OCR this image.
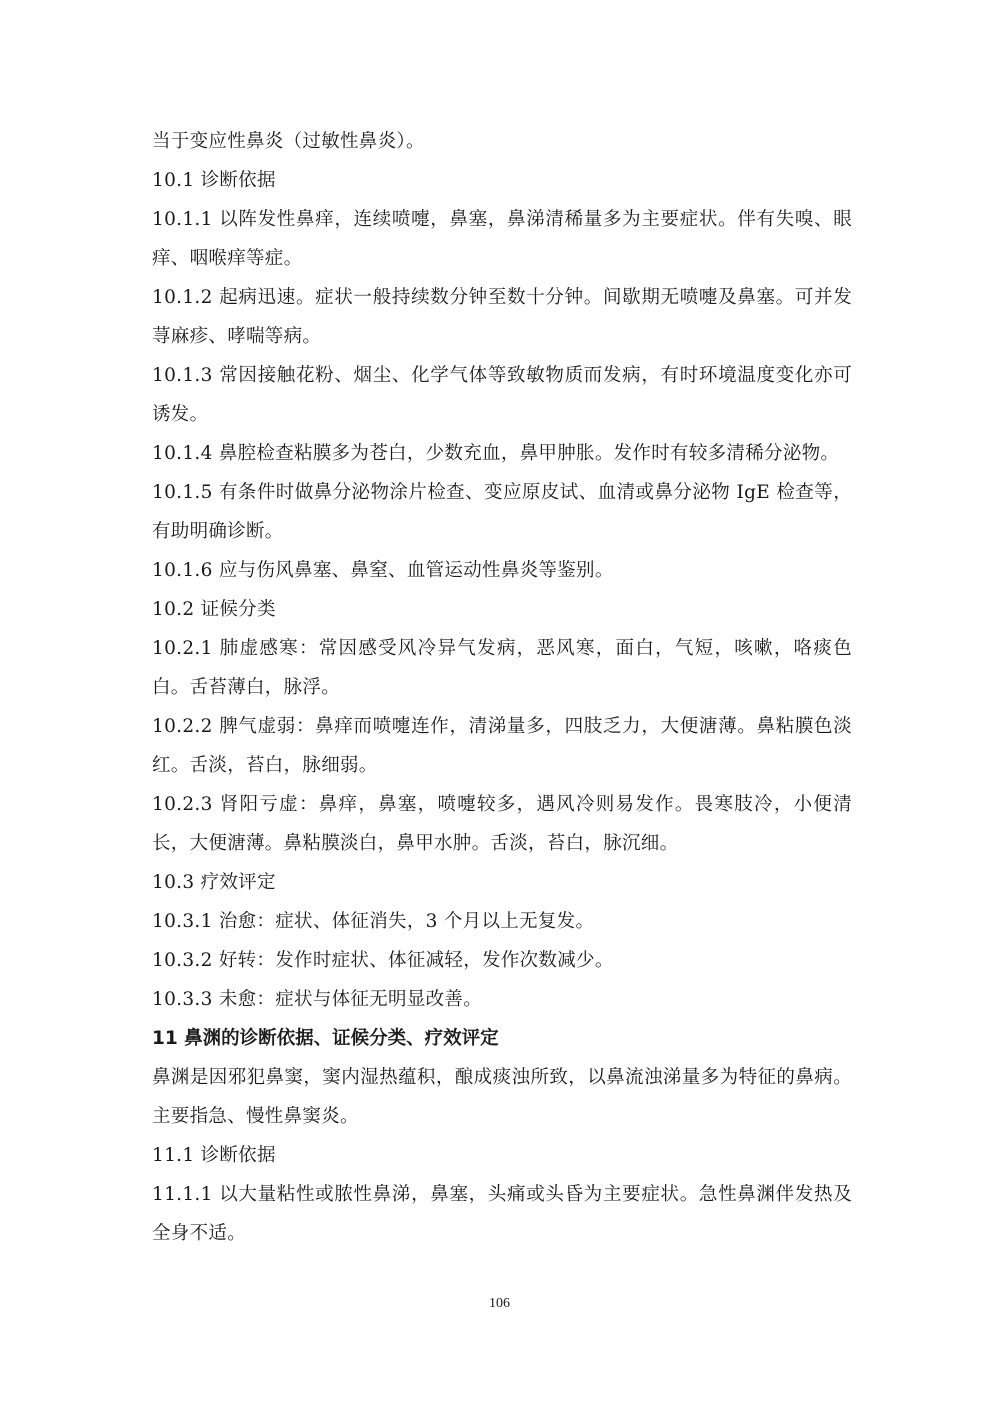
当于变应性鼻炎（过敏性鼻炎）。

10.1 诊断依据

10.1.1 以阵发性鼻痒，连续喷嚏，鼻塞，鼻涕清稀量多为主要症状。伴有失嗅、眼痒、咽喉痒等症。

10.1.2 起病迅速。症状一般持续数分钟至数十分钟。间歇期无喷嚏及鼻塞。可并发荨麻疹、哮喘等病。

10.1.3 常因接触花粉、烟尘、化学气体等致敏物质而发病，有时环境温度变化亦可诱发。

10.1.4 鼻腔检查粘膜多为苍白，少数充血，鼻甲肿胀。发作时有较多清稀分泌物。

10.1.5 有条件时做鼻分泌物涂片检查、变应原皮试、血清或鼻分泌物 IgE 检查等，有助明确诊断。

10.1.6 应与伤风鼻塞、鼻窒、血管运动性鼻炎等鉴别。

10.2 证候分类

10.2.1 肺虚感寒：常因感受风冷异气发病，恶风寒，面白，气短，咳嗽，咯痰色白。舌苔薄白，脉浮。

10.2.2 脾气虚弱：鼻痒而喷嚏连作，清涕量多，四肢乏力，大便溏薄。鼻粘膜色淡红。舌淡，苔白，脉细弱。

10.2.3 肾阳亏虚：鼻痒，鼻塞，喷嚏较多，遇风冷则易发作。畏寒肢冷，小便清长，大便溏薄。鼻粘膜淡白，鼻甲水肿。舌淡，苔白，脉沉细。

10.3 疗效评定

10.3.1 治愈：症状、体征消失，3 个月以上无复发。

10.3.2 好转：发作时症状、体征减轻，发作次数减少。

10.3.3 未愈：症状与体征无明显改善。

11 鼻渊的诊断依据、证候分类、疗效评定

鼻渊是因邪犯鼻窦，窦内湿热蕴积，酿成痰浊所致，以鼻流浊涕量多为特征的鼻病。主要指急、慢性鼻窦炎。

11.1 诊断依据

11.1.1 以大量粘性或脓性鼻涕，鼻塞，头痛或头昏为主要症状。急性鼻渊伴发热及全身不适。

106
